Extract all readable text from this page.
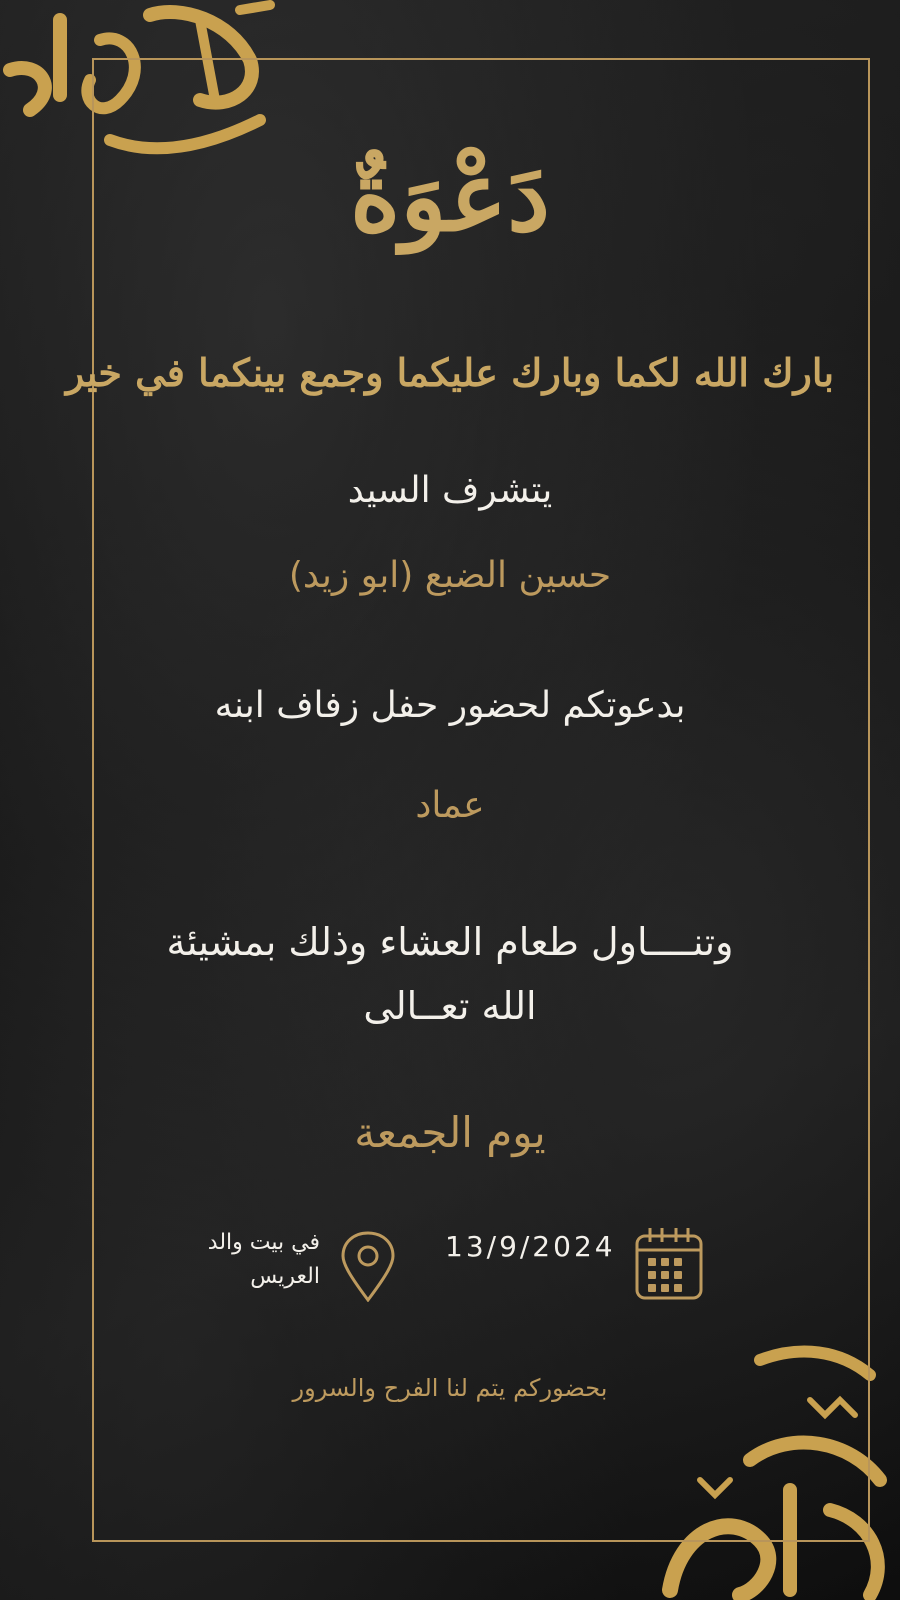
دَعْوَةٌ
بارك الله لكما وبارك عليكما وجمع بينكما في خير
يتشرف السيد
حسين الضبع (ابو زيد)
بدعوتكم لحضور حفل زفاف ابنه
عماد
وتنــــاول طعام العشاء وذلك بمشيئة الله تعــالى
يوم الجمعة
13/9/2024
في بيت والد العريس
بحضوركم يتم لنا الفرح والسرور
